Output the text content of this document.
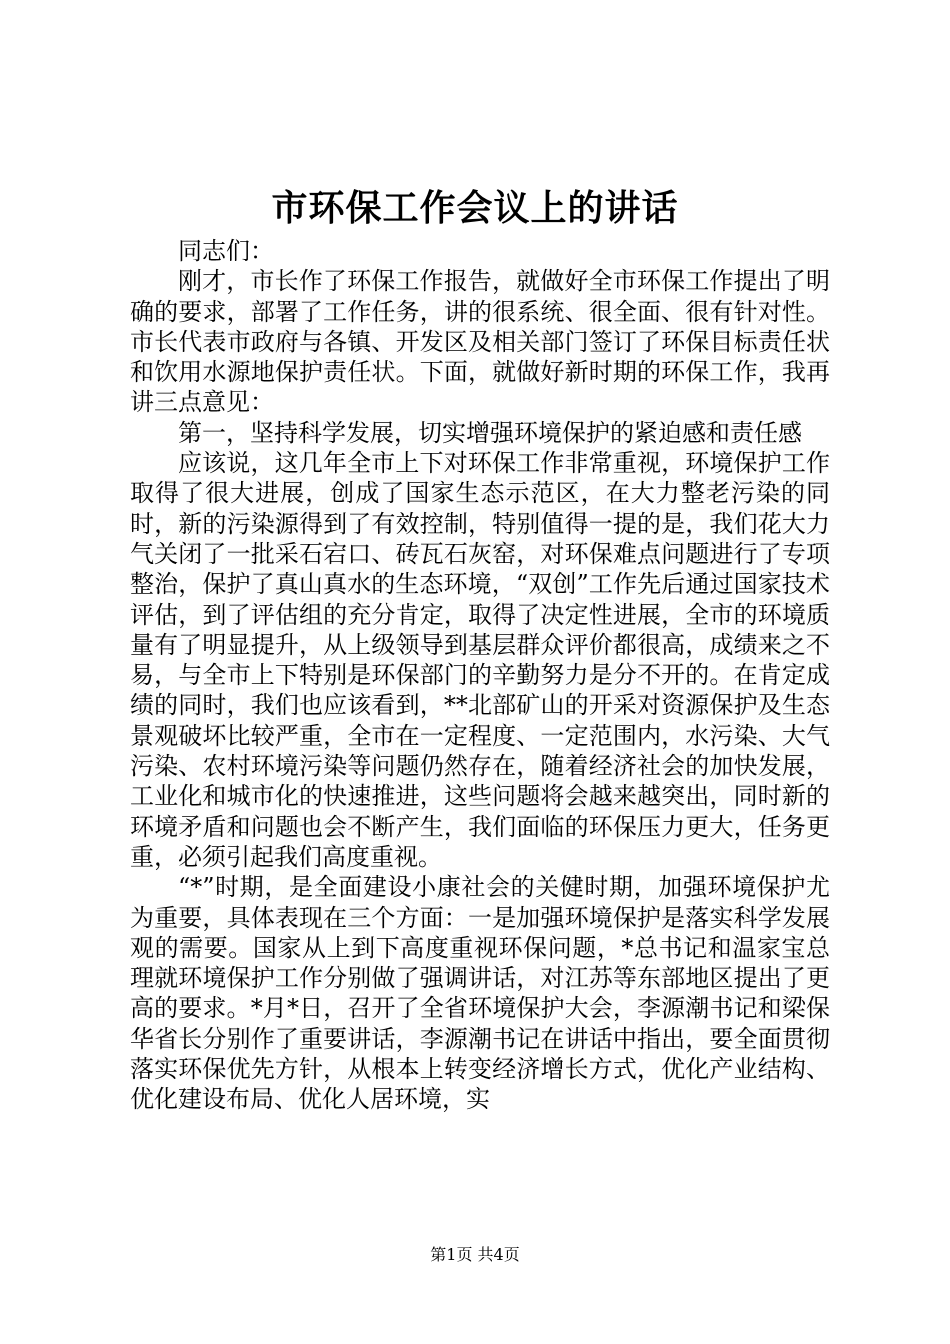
市环保工作会议上的讲话

同志们：

刚才，市长作了环保工作报告，就做好全市环保工作提出了明确的要求，部署了工作任务，讲的很系统、很全面、很有针对性。市长代表市政府与各镇、开发区及相关部门签订了环保目标责任状和饮用水源地保护责任状。下面，就做好新时期的环保工作，我再讲三点意见：

第一，坚持科学发展，切实增强环境保护的紧迫感和责任感

应该说，这几年全市上下对环保工作非常重视，环境保护工作取得了很大进展，创成了国家生态示范区，在大力整老污染的同时，新的污染源得到了有效控制，特别值得一提的是，我们花大力气关闭了一批采石宕口、砖瓦石灰窑，对环保难点问题进行了专项整治，保护了真山真水的生态环境，“双创”工作先后通过国家技术评估，到了评估组的充分肯定，取得了决定性进展，全市的环境质量有了明显提升，从上级领导到基层群众评价都很高，成绩来之不易，与全市上下特别是环保部门的辛勤努力是分不开的。在肯定成绩的同时，我们也应该看到，**北部矿山的开采对资源保护及生态景观破坏比较严重，全市在一定程度、一定范围内，水污染、大气污染、农村环境污染等问题仍然存在，随着经济社会的加快发展，工业化和城市化的快速推进，这些问题将会越来越突出，同时新的环境矛盾和问题也会不断产生，我们面临的环保压力更大，任务更重，必须引起我们高度重视。

“*”时期，是全面建设小康社会的关健时期，加强环境保护尤为重要，具体表现在三个方面：一是加强环境保护是落实科学发展观的需要。国家从上到下高度重视环保问题，*总书记和温家宝总理就环境保护工作分别做了强调讲话，对江苏等东部地区提出了更高的要求。*月*日，召开了全省环境保护大会，李源潮书记和梁保华省长分别作了重要讲话，李源潮书记在讲话中指出，要全面贯彻落实环保优先方针，从根本上转变经济增长方式，优化产业结构、优化建设布局、优化人居环境，实

第1页 共4页
